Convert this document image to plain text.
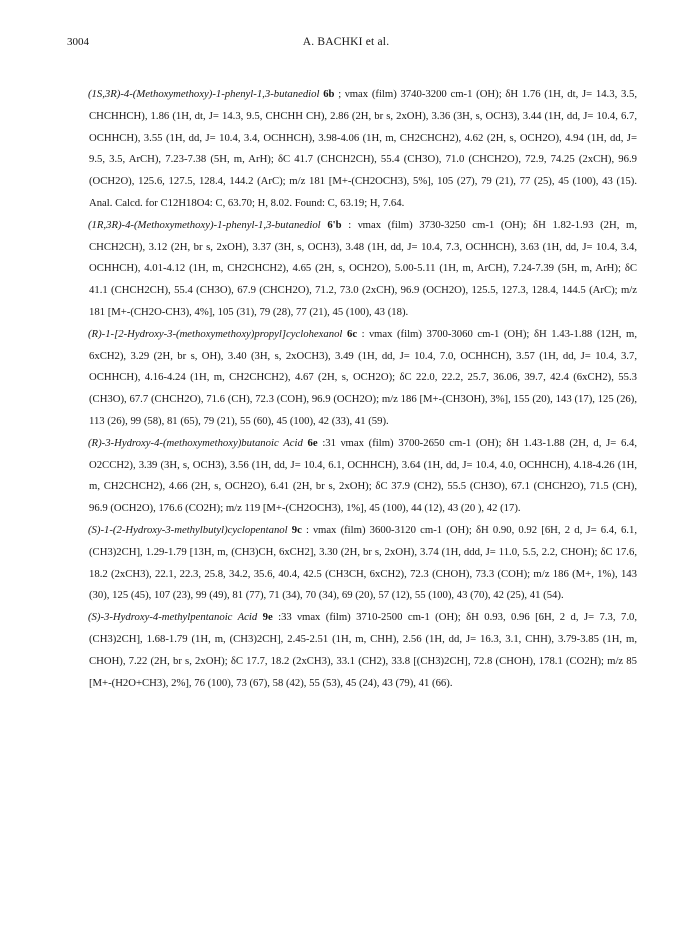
3004	A. BACHKI et al.

(1S,3R)-4-(Methoxymethoxy)-1-phenyl-1,3-butanediol 6b ; νmax (film) 3740-3200 cm-1 (OH); δH 1.76 (1H, dt, J= 14.3, 3.5, CHCHHCH), 1.86 (1H, dt, J= 14.3, 9.5, CHCHH CH), 2.86 (2H, br s, 2xOH), 3.36 (3H, s, OCH3), 3.44 (1H, dd, J= 10.4, 6.7, OCHHCH), 3.55 (1H, dd, J= 10.4, 3.4, OCHHCH), 3.98-4.06 (1H, m, CH2CHCH2), 4.62 (2H, s, OCH2O), 4.94 (1H, dd, J= 9.5, 3.5, ArCH), 7.23-7.38 (5H, m, ArH); δC 41.7 (CHCH2CH), 55.4 (CH3O), 71.0 (CHCH2O), 72.9, 74.25 (2xCH), 96.9 (OCH2O), 125.6, 127.5, 128.4, 144.2 (ArC); m/z 181 [M+-(CH2OCH3), 5%], 105 (27), 79 (21), 77 (25), 45 (100), 43 (15). Anal. Calcd. for C12H18O4: C, 63.70; H, 8.02. Found: C, 63.19; H, 7.64.

(1R,3R)-4-(Methoxymethoxy)-1-phenyl-1,3-butanediol 6'b : νmax (film) 3730-3250 cm-1 (OH); δH 1.82-1.93 (2H, m, CHCH2CH), 3.12 (2H, br s, 2xOH), 3.37 (3H, s, OCH3), 3.48 (1H, dd, J= 10.4, 7.3, OCHHCH), 3.63 (1H, dd, J= 10.4, 3.4, OCHHCH), 4.01-4.12 (1H, m, CH2CHCH2), 4.65 (2H, s, OCH2O), 5.00-5.11 (1H, m, ArCH), 7.24-7.39 (5H, m, ArH); δC 41.1 (CHCH2CH), 55.4 (CH3O), 67.9 (CHCH2O), 71.2, 73.0 (2xCH), 96.9 (OCH2O), 125.5, 127.3, 128.4, 144.5 (ArC); m/z 181 [M+-(CH2O-CH3), 4%], 105 (31), 79 (28), 77 (21), 45 (100), 43 (18).

(R)-1-[2-Hydroxy-3-(methoxymethoxy)propyl]cyclohexanol 6c : νmax (film) 3700-3060 cm-1 (OH); δH 1.43-1.88 (12H, m, 6xCH2), 3.29 (2H, br s, OH), 3.40 (3H, s, 2xOCH3), 3.49 (1H, dd, J= 10.4, 7.0, OCHHCH), 3.57 (1H, dd, J= 10.4, 3.7, OCHHCH), 4.16-4.24 (1H, m, CH2CHCH2), 4.67 (2H, s, OCH2O); δC 22.0, 22.2, 25.7, 36.06, 39.7, 42.4 (6xCH2), 55.3 (CH3O), 67.7 (CHCH2O), 71.6 (CH), 72.3 (COH), 96.9 (OCH2O); m/z 186 [M+-(CH3OH), 3%], 155 (20), 143 (17), 125 (26), 113 (26), 99 (58), 81 (65), 79 (21), 55 (60), 45 (100), 42 (33), 41 (59).

(R)-3-Hydroxy-4-(methoxymethoxy)butanoic Acid 6e :31 νmax (film) 3700-2650 cm-1 (OH); δH 1.43-1.88 (2H, d, J= 6.4, O2CCH2), 3.39 (3H, s, OCH3), 3.56 (1H, dd, J= 10.4, 6.1, OCHHCH), 3.64 (1H, dd, J= 10.4, 4.0, OCHHCH), 4.18-4.26 (1H, m, CH2CHCH2), 4.66 (2H, s, OCH2O), 6.41 (2H, br s, 2xOH); δC 37.9 (CH2), 55.5 (CH3O), 67.1 (CHCH2O), 71.5 (CH), 96.9 (OCH2O), 176.6 (CO2H); m/z 119 [M+-(CH2OCH3), 1%], 45 (100), 44 (12), 43 (20 ), 42 (17).

(S)-1-(2-Hydroxy-3-methylbutyl)cyclopentanol 9c : νmax (film) 3600-3120 cm-1 (OH); δH 0.90, 0.92 [6H, 2 d, J= 6.4, 6.1, (CH3)2CH], 1.29-1.79 [13H, m, (CH3)CH, 6xCH2], 3.30 (2H, br s, 2xOH), 3.74 (1H, ddd, J= 11.0, 5.5, 2.2, CHOH); δC 17.6, 18.2 (2xCH3), 22.1, 22.3, 25.8, 34.2, 35.6, 40.4, 42.5 (CH3CH, 6xCH2), 72.3 (CHOH), 73.3 (COH); m/z 186 (M+, 1%), 143 (30), 125 (45), 107 (23), 99 (49), 81 (77), 71 (34), 70 (34), 69 (20), 57 (12), 55 (100), 43 (70), 42 (25), 41 (54).

(S)-3-Hydroxy-4-methylpentanoic Acid 9e :33 νmax (film) 3710-2500 cm-1 (OH); δH 0.93, 0.96 [6H, 2 d, J= 7.3, 7.0, (CH3)2CH], 1.68-1.79 (1H, m, (CH3)2CH], 2.45-2.51 (1H, m, CHH), 2.56 (1H, dd, J= 16.3, 3.1, CHH), 3.79-3.85 (1H, m, CHOH), 7.22 (2H, br s, 2xOH); δC 17.7, 18.2 (2xCH3), 33.1 (CH2), 33.8 [(CH3)2CH], 72.8 (CHOH), 178.1 (CO2H); m/z 85 [M+-(H2O+CH3), 2%], 76 (100), 73 (67), 58 (42), 55 (53), 45 (24), 43 (79), 41 (66).
